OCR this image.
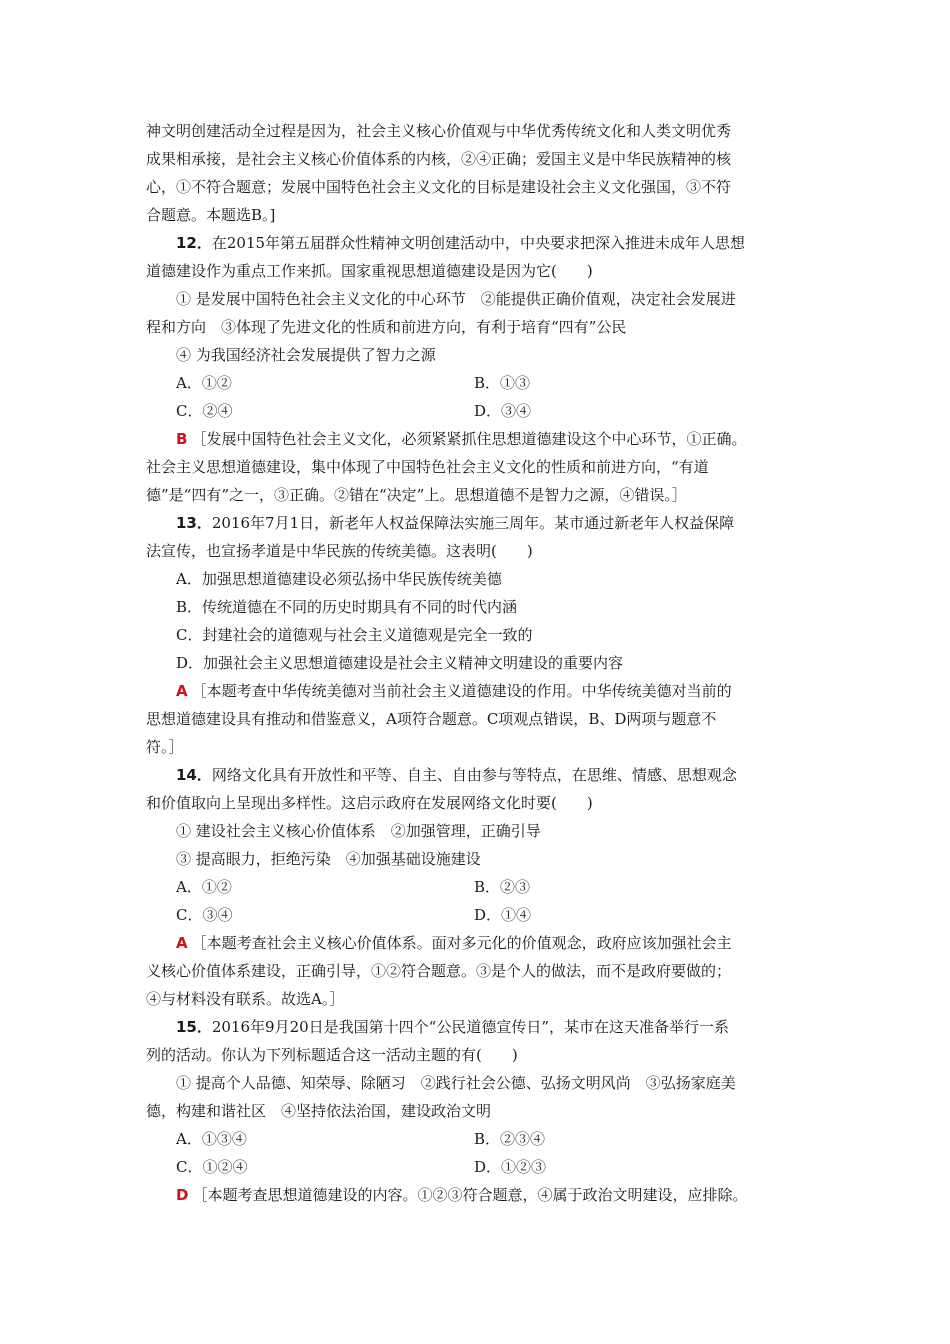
神文明创建活动全过程是因为，社会主义核心价值观与中华优秀传统文化和人类文明优秀
成果相承接，是社会主义核心价值体系的内核，②④正确；爱国主义是中华民族精神的核
心，①不符合题意；发展中国特色社会主义文化的目标是建设社会主义文化强国，③不符
合题意。本题选B。]
12．在2015年第五届群众性精神文明创建活动中，中央要求把深入推进未成年人思想
道德建设作为重点工作来抓。国家重视思想道德建设是因为它(　　)
① 是发展中国特色社会主义文化的中心环节　②能提供正确价值观，决定社会发展进
程和方向　③体现了先进文化的性质和前进方向，有利于培育“四有”公民
④ 为我国经济社会发展提供了智力之源
A．①②	B．①③
C．②④	D．③④
B ［发展中国特色社会主义文化，必须紧紧抓住思想道德建设这个中心环节，①正确。
社会主义思想道德建设，集中体现了中国特色社会主义文化的性质和前进方向，“有道
德”是“四有”之一，③正确。②错在“决定”上。思想道德不是智力之源，④错误。］
13．2016年7月1日，新老年人权益保障法实施三周年。某市通过新老年人权益保障
法宣传，也宣扬孝道是中华民族的传统美德。这表明(　　)
A．加强思想道德建设必须弘扬中华民族传统美德
B．传统道德在不同的历史时期具有不同的时代内涵
C．封建社会的道德观与社会主义道德观是完全一致的
D．加强社会主义思想道德建设是社会主义精神文明建设的重要内容
A ［本题考查中华传统美德对当前社会主义道德建设的作用。中华传统美德对当前的
思想道德建设具有推动和借鉴意义，A项符合题意。C项观点错误，B、D两项与题意不
符。］
14．网络文化具有开放性和平等、自主、自由参与等特点，在思维、情感、思想观念
和价值取向上呈现出多样性。这启示政府在发展网络文化时要(　　)
① 建设社会主义核心价值体系　②加强管理，正确引导
③ 提高眼力，拒绝污染　④加强基础设施建设
A．①②	B．②③
C．③④	D．①④
A ［本题考查社会主义核心价值体系。面对多元化的价值观念，政府应该加强社会主
义核心价值体系建设，正确引导，①②符合题意。③是个人的做法，而不是政府要做的；
④与材料没有联系。故选A。］
15．2016年9月20日是我国第十四个“公民道德宣传日”，某市在这天准备举行一系
列的活动。你认为下列标题适合这一活动主题的有(　　)
① 提高个人品德、知荣辱、除陋习　②践行社会公德、弘扬文明风尚　③弘扬家庭美
德，构建和谐社区　④坚持依法治国，建设政治文明
A．①③④	B．②③④
C．①②④	D．①②③
D ［本题考查思想道德建设的内容。①②③符合题意，④属于政治文明建设，应排除。
